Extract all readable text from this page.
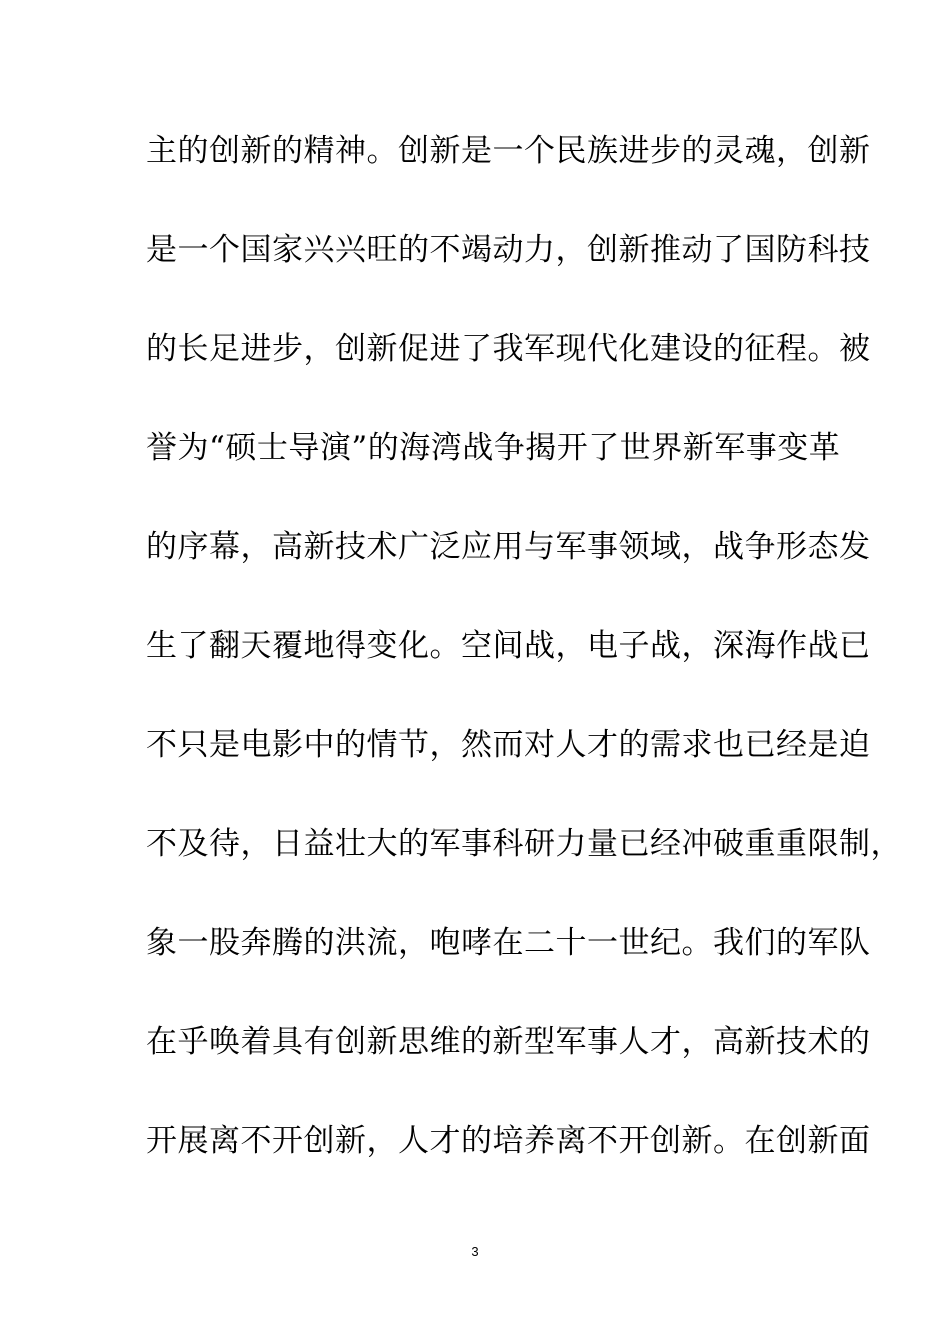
主的创新的精神。创新是一个民族进步的灵魂，创新
是一个国家兴兴旺的不竭动力，创新推动了国防科技
的长足进步，创新促进了我军现代化建设的征程。被
誉为“硕士导演”的海湾战争揭开了世界新军事变革
的序幕，高新技术广泛应用与军事领域，战争形态发
生了翻天覆地得变化。空间战，电子战，深海作战已
不只是电影中的情节，然而对人才的需求也已经是迫
不及待，日益壮大的军事科研力量已经冲破重重限制，
象一股奔腾的洪流，咆哮在二十一世纪。我们的军队
在乎唤着具有创新思维的新型军事人才，高新技术的
开展离不开创新，人才的培养离不开创新。在创新面
3
